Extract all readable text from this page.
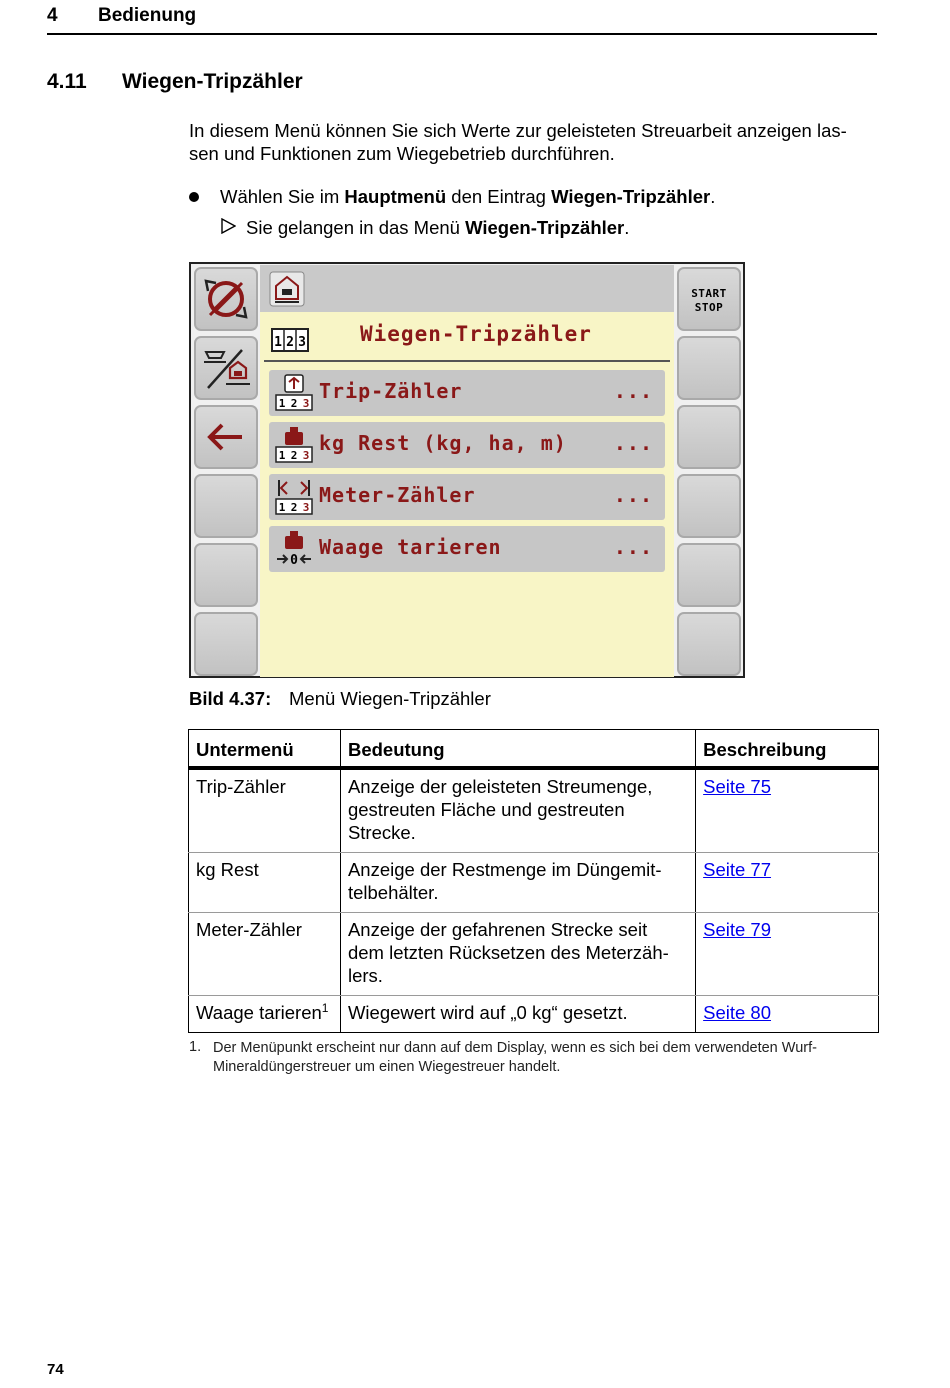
4 Bedienung
4.11 Wiegen-Tripzähler
In diesem Menü können Sie sich Werte zur geleisteten Streuarbeit anzeigen las-
sen und Funktionen zum Wiegebetrieb durchführen.
Wählen Sie im Hauptmenü den Eintrag Wiegen-Tripzähler.
Sie gelangen in das Menü Wiegen-Tripzähler.
START
STOP
1 2 3	Wiegen-Tripzähler
1 2 3
Trip-Zähler	...
1 2 3
kg Rest (kg, ha, m) ...
1 2 3
Meter-Zähler	...
0
Waage tarieren	...
Bild 4.37: Menü Wiegen-Tripzähler
Untermenü	Bedeutung	Beschreibung
Trip-Zähler	Anzeige der geleisteten Streumenge,
gestreuten Fläche und gestreuten
Strecke.	Seite 75
kg Rest	Anzeige der Restmenge im Düngemit-
telbehälter.	Seite 77
Meter-Zähler	Anzeige der gefahrenen Strecke seit
dem letzten Rücksetzen des Meterzäh-
lers.	Seite 79
Waage tarieren$^1$	Wiegewert wird auf „0 kg“ gesetzt.	Seite 80
1. Der Menüpunkt erscheint nur dann auf dem Display, wenn es sich bei dem verwendeten Wurf-
Mineraldüngerstreuer um einen Wiegestreuer handelt.
74
